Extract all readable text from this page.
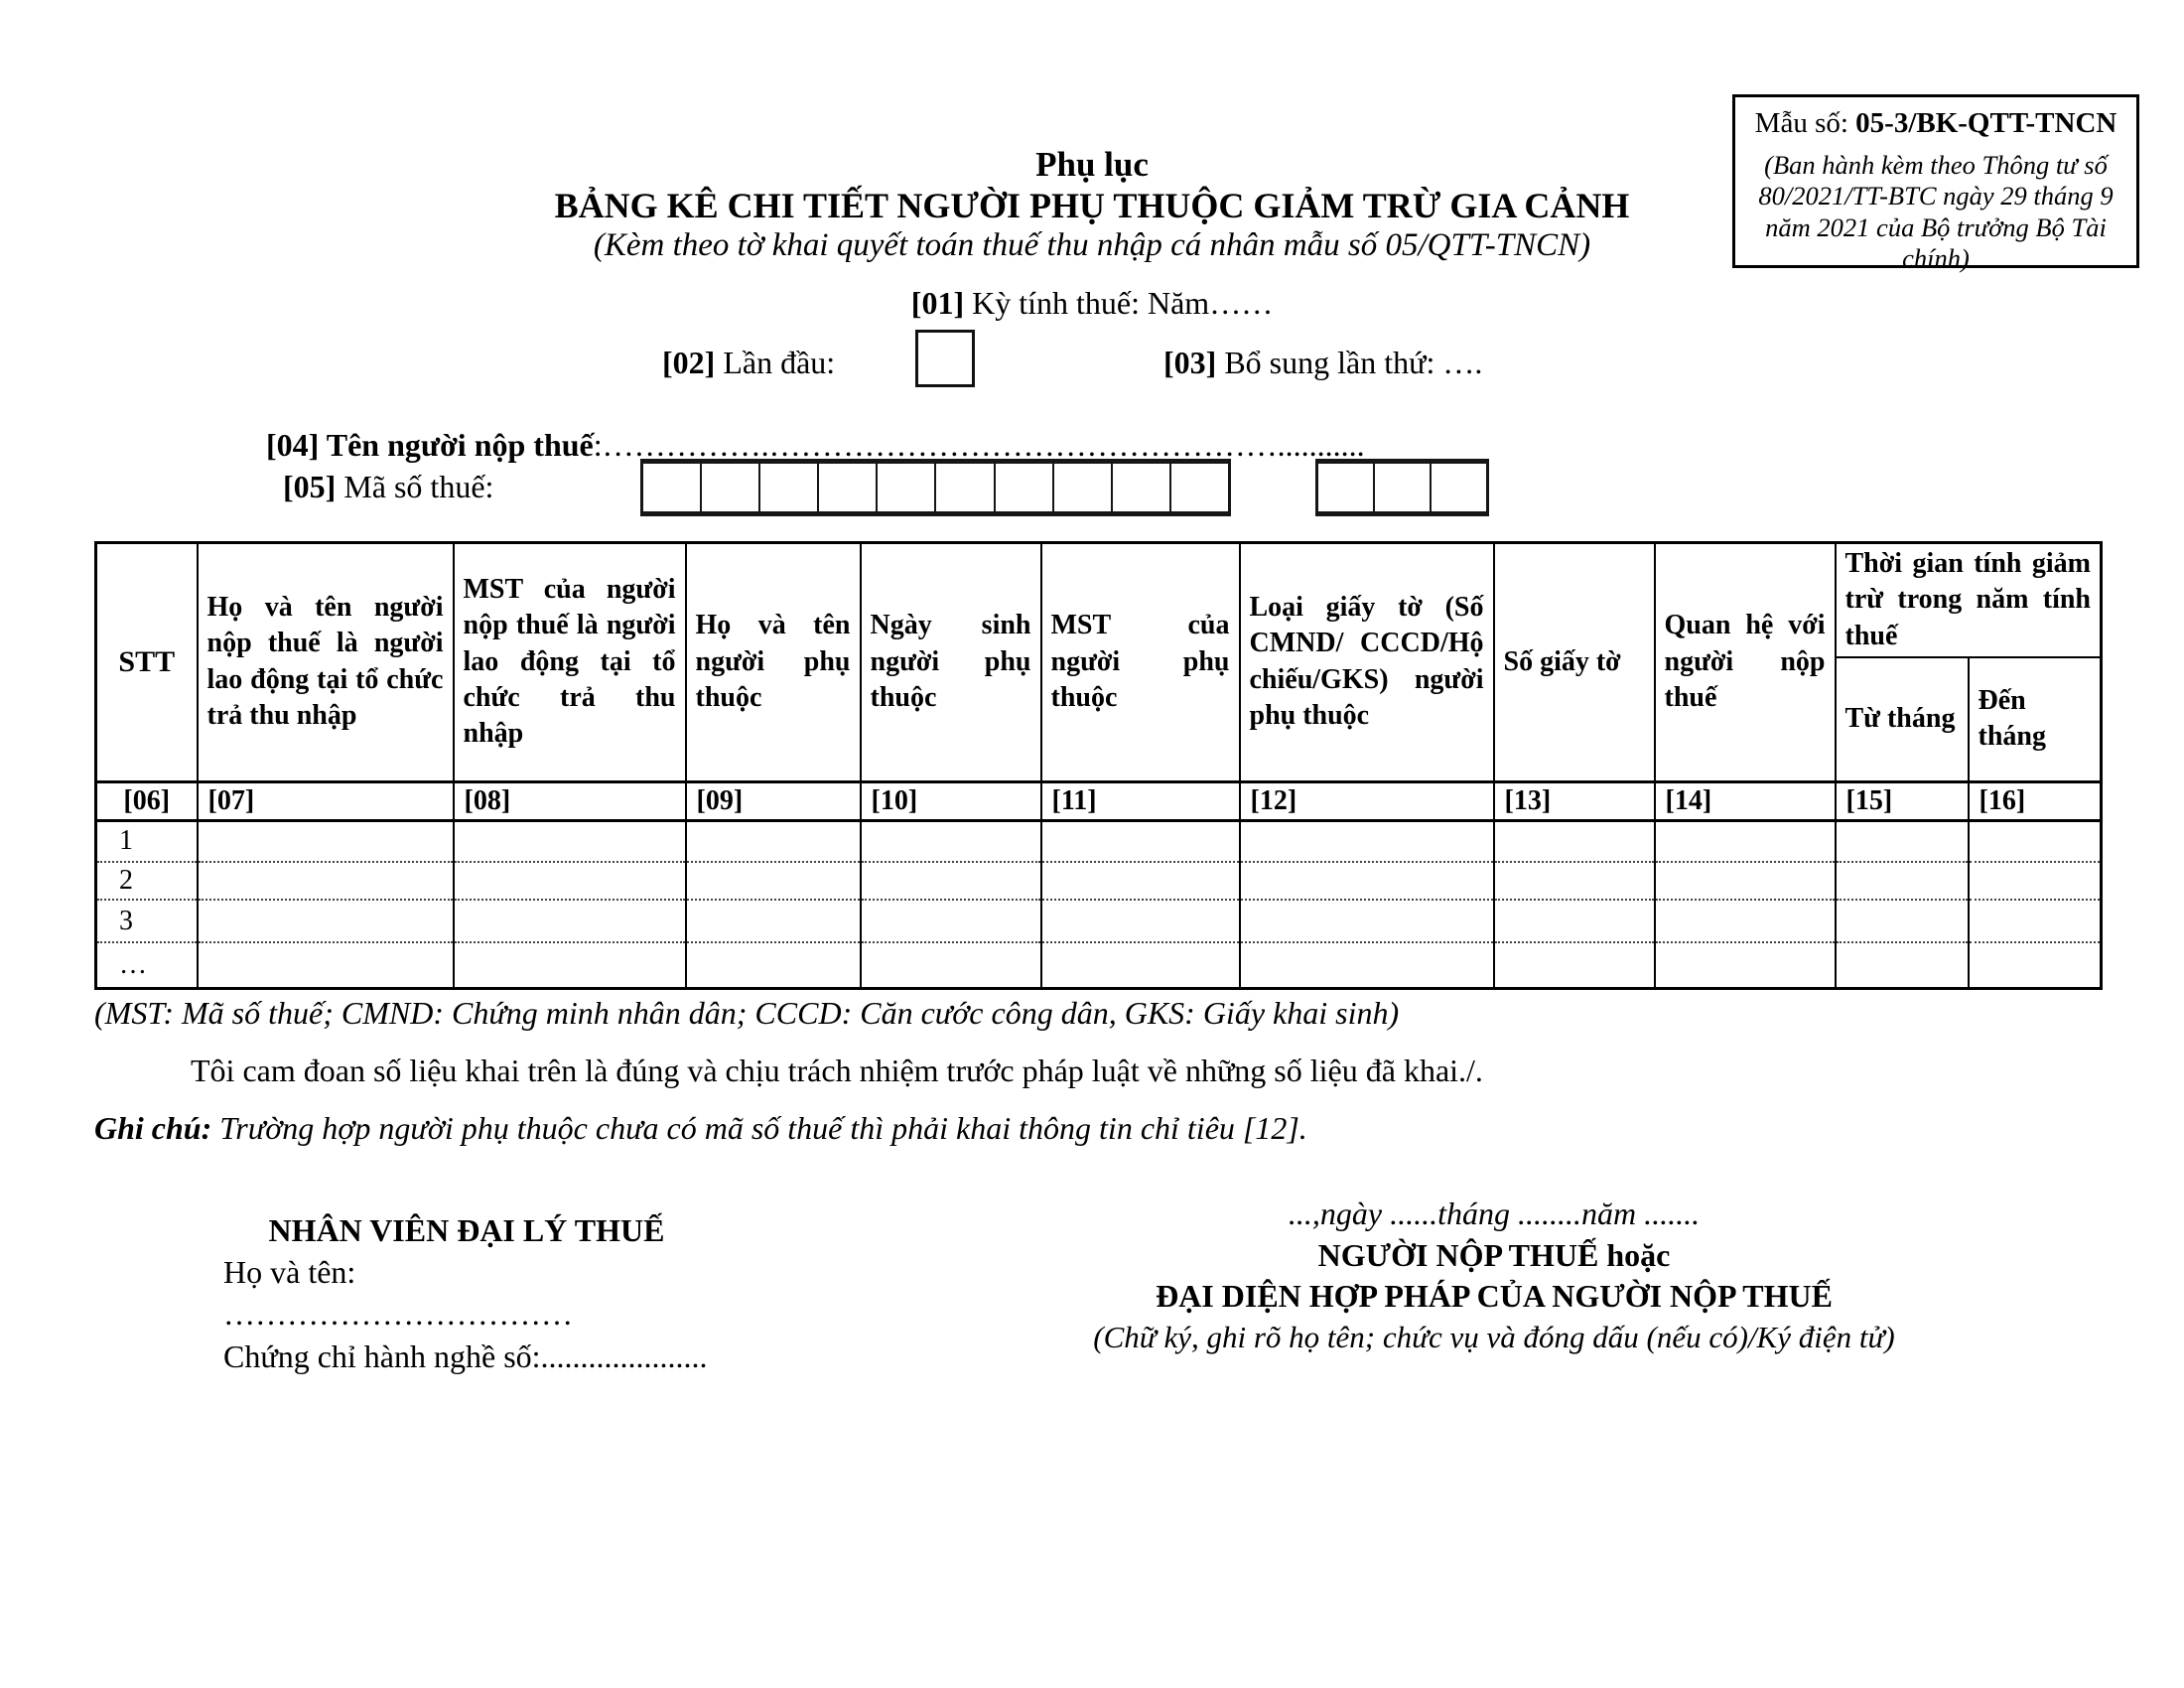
Mẫu số: 05-3/BK-QTT-TNCN
(Ban hành kèm theo Thông tư số 80/2021/TT-BTC ngày 29 tháng 9 năm 2021 của Bộ trưởng Bộ Tài chính)
Phụ lục
BẢNG KÊ CHI TIẾT NGƯỜI PHỤ THUỘC GIẢM TRỪ GIA CẢNH
(Kèm theo tờ khai quyết toán thuế thu nhập cá nhân mẫu số 05/QTT-TNCN)
[01] Kỳ tính thuế: Năm……
[02] Lần đầu:	[03] Bổ sung lần thứ: ….
[04] Tên người nộp thuế:…………….…………………………………………...........
[05] Mã số thuế:
STT	Họ và tên người nộp thuế là người lao động tại tổ chức trả thu nhập	MST của người nộp thuế là người lao động tại tổ chức trả thu nhập	Họ và tên người phụ thuộc	Ngày sinh người phụ thuộc	MST của người phụ thuộc	Loại giấy tờ (Số CMND/ CCCD/Hộ chiếu/GKS) người phụ thuộc	Số giấy tờ	Quan hệ với người nộp thuế	Thời gian tính giảm trừ trong năm tính thuế	
									Từ tháng	Đến tháng
[06]	[07]	[08]	[09]	[10]	[11]	[12]	[13]	[14]	[15]	[16]
1										
2										
3										
…										
(MST: Mã số thuế; CMND: Chứng minh nhân dân; CCCD: Căn cước công dân, GKS: Giấy khai sinh)
Tôi cam đoan số liệu khai trên là đúng và chịu trách nhiệm trước pháp luật về những số liệu đã khai./.
Ghi chú: Trường hợp người phụ thuộc chưa có mã số thuế thì phải khai thông tin chỉ tiêu [12].
NHÂN VIÊN ĐẠI LÝ THUẾ
Họ và tên: ……………………………
Chứng chỉ hành nghề số:.....................
...,ngày ......tháng ........năm .......
NGƯỜI NỘP THUẾ hoặc
ĐẠI DIỆN HỢP PHÁP CỦA NGƯỜI NỘP THUẾ
(Chữ ký, ghi rõ họ tên; chức vụ và đóng dấu (nếu có)/Ký điện tử)
